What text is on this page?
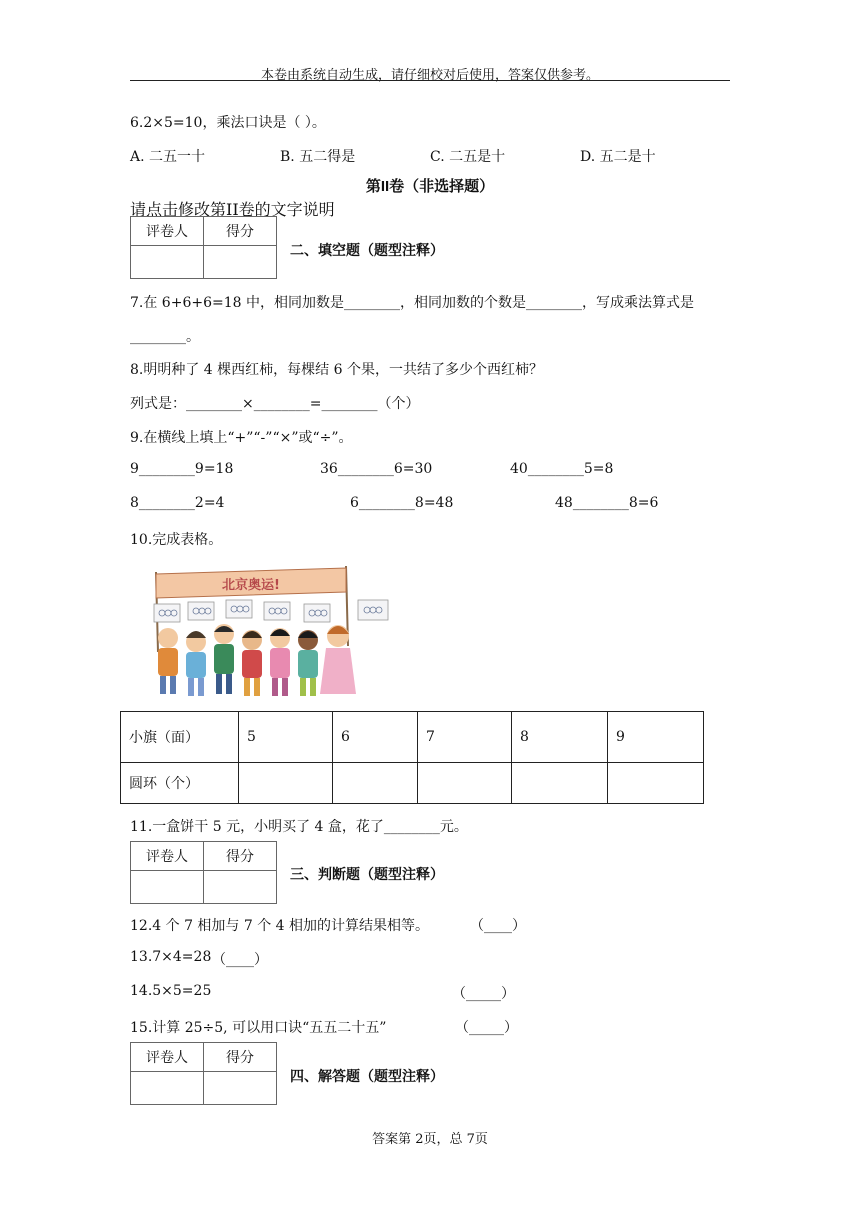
本卷由系统自动生成，请仔细校对后使用，答案仅供参考。
6.2×5=10，乘法口诀是（ ）。
A. 二五一十	B. 五二得是	C. 二五是十	D. 五二是十
第II卷（非选择题）
请点击修改第II卷的文字说明
评卷人	得分

二、填空题（题型注释）
7.在 6+6+6=18 中，相同加数是________，相同加数的个数是________，写成乘法算式是
________。
8.明明种了 4 棵西红柿，每棵结 6 个果，一共结了多少个西红柿？
列式是：________×________=________（个）
9.在横线上填上“+”“-”“×”或“÷”。
9________9=18	36________6=30	40________5=8
8________2=4	6________8=48	48________8=6
10.完成表格。
北京奥运!
小旗（面）	5	6	7	8	9
圆环（个）					
11.一盒饼干 5 元，小明买了 4 盒，花了________元。
评卷人	得分

三、判断题（题型注释）
12.4 个 7 相加与 7 个 4 相加的计算结果相等。	（____）
13.7×4=28 （____）
14.5×5=25	（_____）
15.计算 25÷5, 可以用口诀“五五二十五”	（_____）
评卷人	得分

四、解答题（题型注释）
答案第 2页，总 7页
